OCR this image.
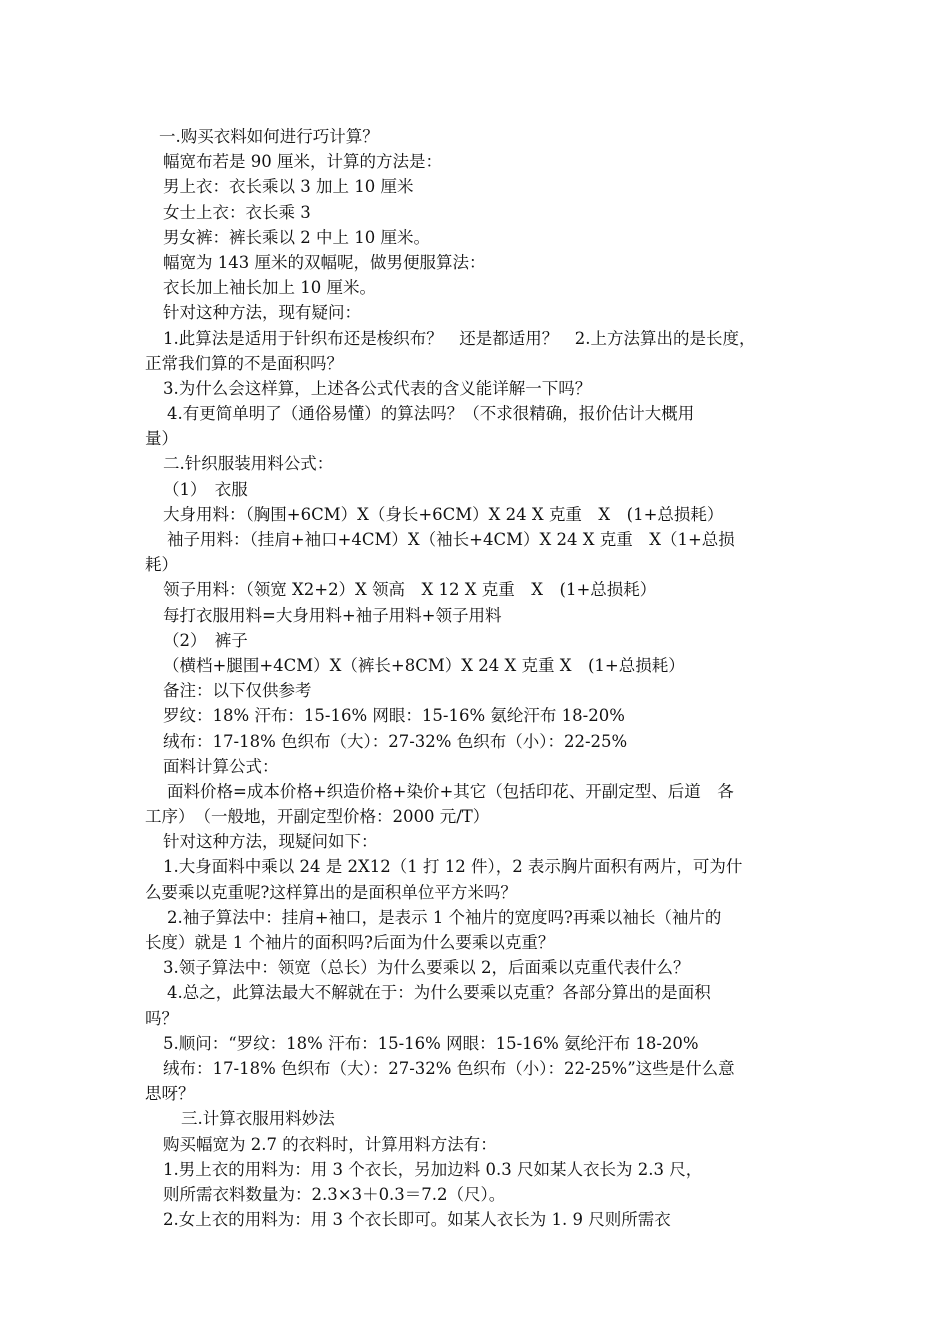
一.购买衣料如何进行巧计算？
幅宽布若是 90 厘米，计算的方法是：
男上衣：衣长乘以 3 加上 10 厘米
女士上衣：衣长乘 3
男女裤：裤长乘以 2 中上 10 厘米。
幅宽为 143 厘米的双幅呢，做男便服算法：
衣长加上袖长加上 10 厘米。
针对这种方法，现有疑问：
1.此算法是适用于针织布还是梭织布？　还是都适用？　2.上方法算出的是长度，
正常我们算的不是面积吗？
3.为什么会这样算，上述各公式代表的含义能详解一下吗？
4.有更简单明了（通俗易懂）的算法吗？（不求很精确，报价估计大概用
量）
二.针织服装用料公式：
（1）　衣服
大身用料：（胸围+6CM）X（身长+6CM）X 24 X 克重　X　(1+总损耗）
袖子用料：（挂肩+袖口+4CM）X（袖长+4CM）X 24 X 克重　X（1+总损
耗）
领子用料：（领宽 X2+2）X 领高　X 12 X 克重　X　(1+总损耗）
每打衣服用料=大身用料+袖子用料+领子用料
（2）　裤子
（横档+腿围+4CM）X（裤长+8CM）X 24 X 克重 X　(1+总损耗）
备注：以下仅供参考
罗纹：18% 汗布：15-16% 网眼：15-16% 氨纶汗布 18-20%
绒布：17-18% 色织布（大）：27-32% 色织布（小）：22-25%
面料计算公式：
面料价格=成本价格+织造价格+染价+其它（包括印花、开副定型、后道　各
工序）　（一般地，开副定型价格：2000 元/T）
针对这种方法，现疑问如下：
1.大身面料中乘以 24 是 2X12（1 打 12 件），2 表示胸片面积有两片，可为什
么要乘以克重呢?这样算出的是面积单位平方米吗？
2.袖子算法中：挂肩+袖口，是表示 1 个袖片的宽度吗?再乘以袖长（袖片的
长度）就是 1 个袖片的面积吗?后面为什么要乘以克重？
3.领子算法中：领宽（总长）为什么要乘以 2，后面乘以克重代表什么？
4.总之，此算法最大不解就在于：为什么要乘以克重？各部分算出的是面积
吗？
5.顺问：“罗纹：18% 汗布：15-16% 网眼：15-16% 氨纶汗布 18-20%
绒布：17-18% 色织布（大）：27-32% 色织布（小）：22-25%”这些是什么意
思呀？
三.计算衣服用料妙法
购买幅宽为 2.7 的衣料时，计算用料方法有：
1.男上衣的用料为：用 3 个衣长，另加边料 0.3 尺如某人衣长为 2.3 尺，
则所需衣料数量为：2.3×3＋0.3＝7.2（尺）。
2.女上衣的用料为：用 3 个衣长即可。如某人衣长为 1. 9 尺则所需衣
